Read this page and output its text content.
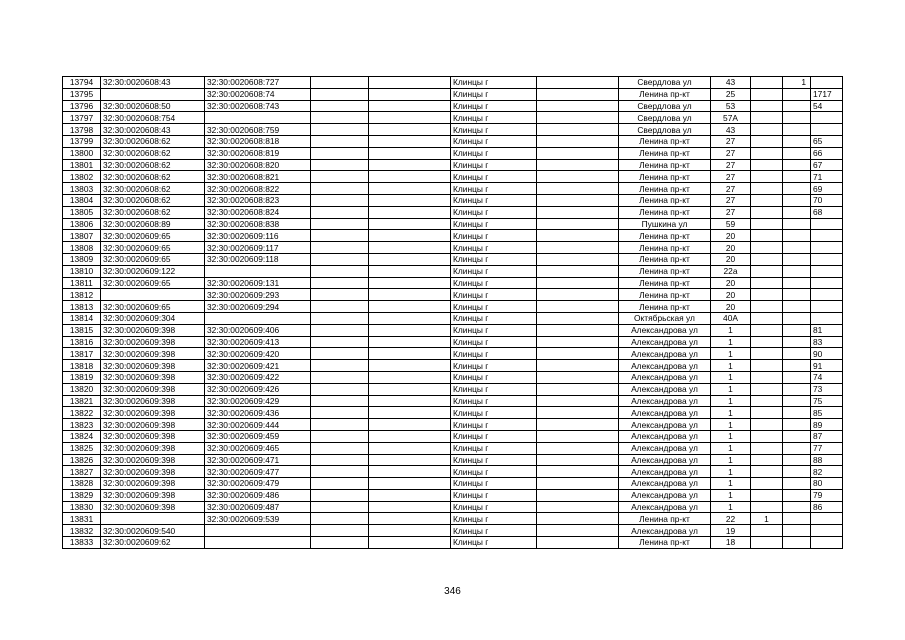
13794	32:30:0020608:43	32:30:0020608:727			Клинцы г		Свердлова ул	43		1	
13795		32:30:0020608:74			Клинцы г		Ленина пр-кт	25			1717
13796	32:30:0020608:50	32:30:0020608:743			Клинцы г		Свердлова ул	53			54
13797	32:30:0020608:754				Клинцы г		Свердлова ул	57А			
13798	32:30:0020608:43	32:30:0020608:759			Клинцы г		Свердлова ул	43			
13799	32:30:0020608:62	32:30:0020608:818			Клинцы г		Ленина пр-кт	27			65
13800	32:30:0020608:62	32:30:0020608:819			Клинцы г		Ленина пр-кт	27			66
13801	32:30:0020608:62	32:30:0020608:820			Клинцы г		Ленина пр-кт	27			67
13802	32:30:0020608:62	32:30:0020608:821			Клинцы г		Ленина пр-кт	27			71
13803	32:30:0020608:62	32:30:0020608:822			Клинцы г		Ленина пр-кт	27			69
13804	32:30:0020608:62	32:30:0020608:823			Клинцы г		Ленина пр-кт	27			70
13805	32:30:0020608:62	32:30:0020608:824			Клинцы г		Ленина пр-кт	27			68
13806	32:30:0020608:89	32:30:0020608:838			Клинцы г		Пушкина ул	59			
13807	32:30:0020609:65	32:30:0020609:116			Клинцы г		Ленина пр-кт	20			
13808	32:30:0020609:65	32:30:0020609:117			Клинцы г		Ленина пр-кт	20			
13809	32:30:0020609:65	32:30:0020609:118			Клинцы г		Ленина пр-кт	20			
13810	32:30:0020609:122				Клинцы г		Ленина пр-кт	22а			
13811	32:30:0020609:65	32:30:0020609:131			Клинцы г		Ленина пр-кт	20			
13812		32:30:0020609:293			Клинцы г		Ленина пр-кт	20			
13813	32:30:0020609:65	32:30:0020609:294			Клинцы г		Ленина пр-кт	20			
13814	32:30:0020609:304				Клинцы г		Октябрьская ул	40А			
13815	32:30:0020609:398	32:30:0020609:406			Клинцы г		Александрова ул	1			81
13816	32:30:0020609:398	32:30:0020609:413			Клинцы г		Александрова ул	1			83
13817	32:30:0020609:398	32:30:0020609:420			Клинцы г		Александрова ул	1			90
13818	32:30:0020609:398	32:30:0020609:421			Клинцы г		Александрова ул	1			91
13819	32:30:0020609:398	32:30:0020609:422			Клинцы г		Александрова ул	1			74
13820	32:30:0020609:398	32:30:0020609:426			Клинцы г		Александрова ул	1			73
13821	32:30:0020609:398	32:30:0020609:429			Клинцы г		Александрова ул	1			75
13822	32:30:0020609:398	32:30:0020609:436			Клинцы г		Александрова ул	1			85
13823	32:30:0020609:398	32:30:0020609:444			Клинцы г		Александрова ул	1			89
13824	32:30:0020609:398	32:30:0020609:459			Клинцы г		Александрова ул	1			87
13825	32:30:0020609:398	32:30:0020609:465			Клинцы г		Александрова ул	1			77
13826	32:30:0020609:398	32:30:0020609:471			Клинцы г		Александрова ул	1			88
13827	32:30:0020609:398	32:30:0020609:477			Клинцы г		Александрова ул	1			82
13828	32:30:0020609:398	32:30:0020609:479			Клинцы г		Александрова ул	1			80
13829	32:30:0020609:398	32:30:0020609:486			Клинцы г		Александрова ул	1			79
13830	32:30:0020609:398	32:30:0020609:487			Клинцы г		Александрова ул	1			86
13831		32:30:0020609:539			Клинцы г		Ленина пр-кт	22	1		
13832	32:30:0020609:540				Клинцы г		Александрова ул	19			
13833	32:30:0020609:62				Клинцы г		Ленина пр-кт	18			
346
